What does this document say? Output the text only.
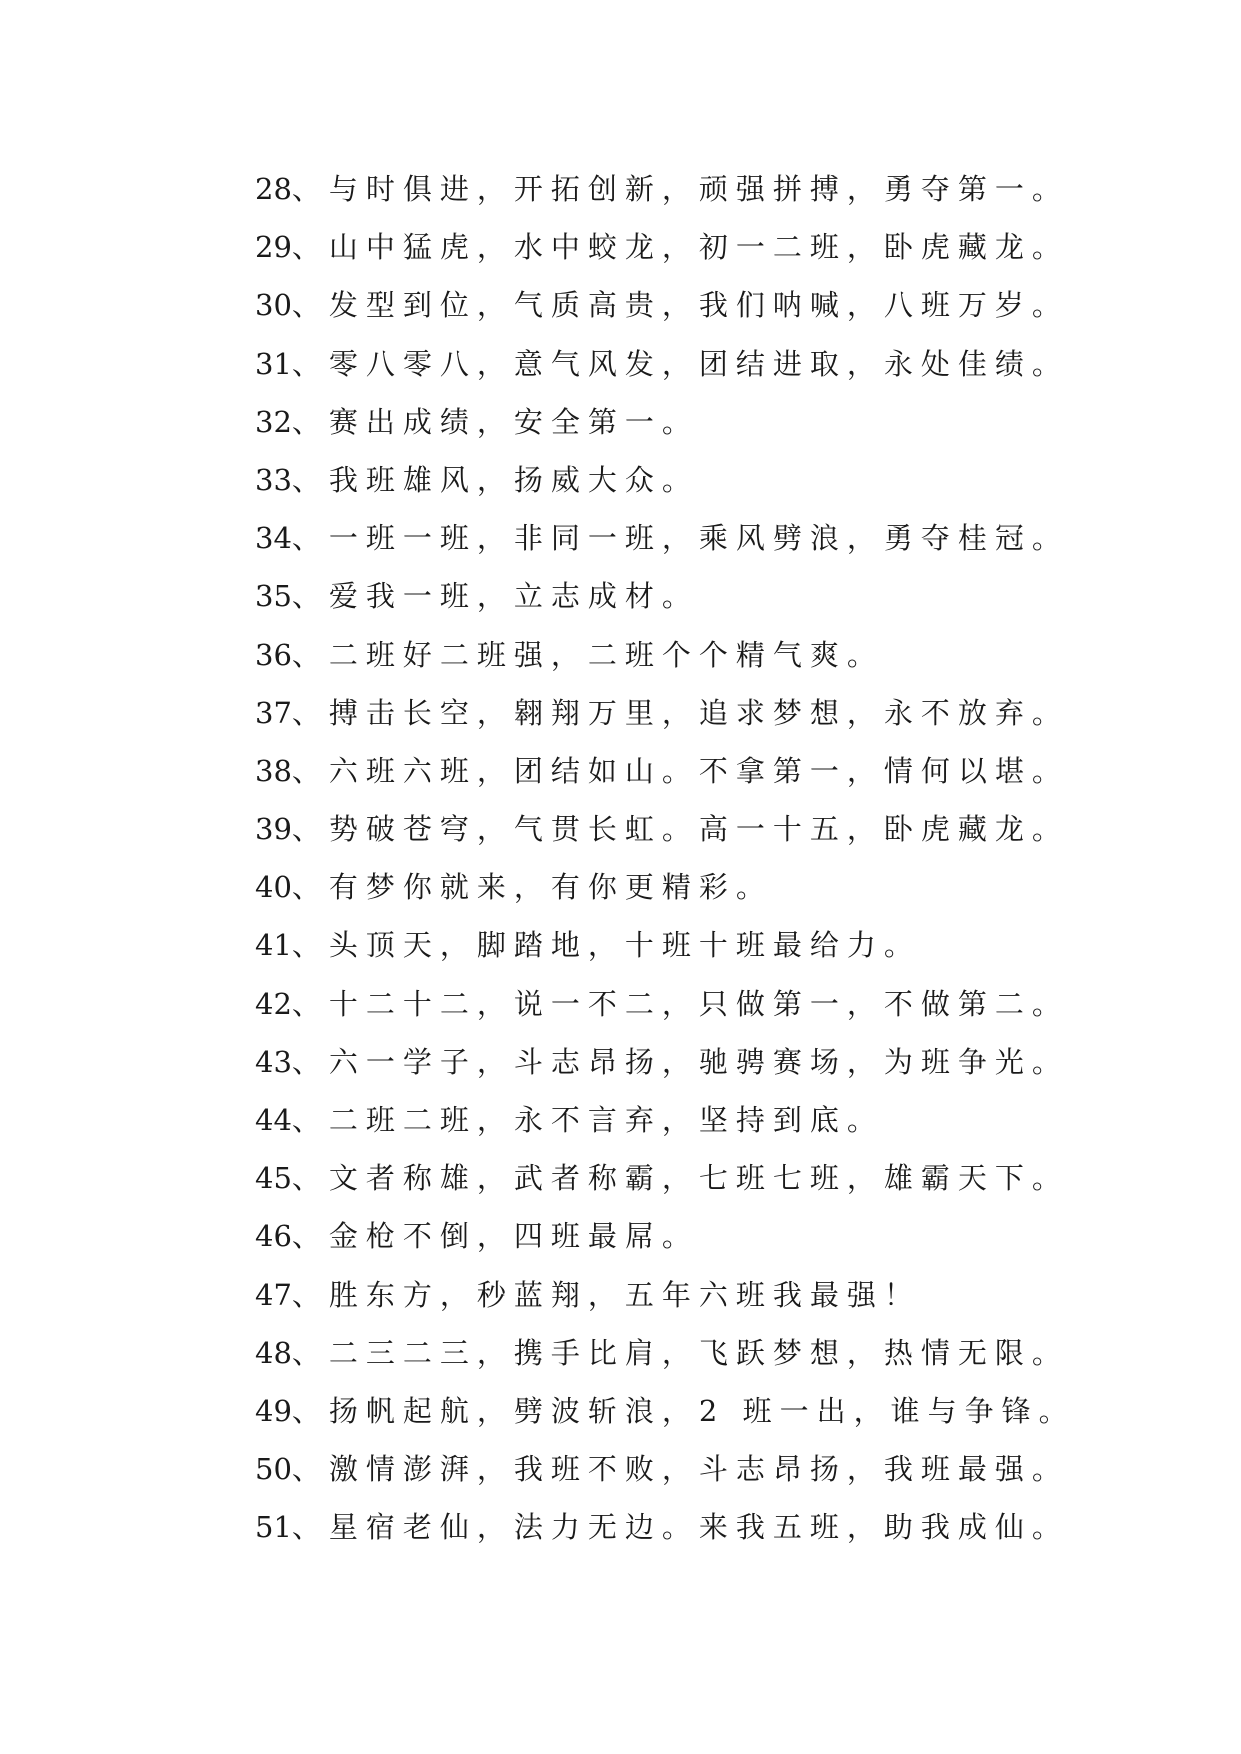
28、与时俱进，开拓创新，顽强拼搏，勇夺第一。
29、山中猛虎，水中蛟龙，初一二班，卧虎藏龙。
30、发型到位，气质高贵，我们呐喊，八班万岁。
31、零八零八，意气风发，团结进取，永处佳绩。
32、赛出成绩，安全第一。
33、我班雄风，扬威大众。
34、一班一班，非同一班，乘风劈浪，勇夺桂冠。
35、爱我一班，立志成材。
36、二班好二班强，二班个个精气爽。
37、搏击长空，翱翔万里，追求梦想，永不放弃。
38、六班六班，团结如山。不拿第一，情何以堪。
39、势破苍穹，气贯长虹。高一十五，卧虎藏龙。
40、有梦你就来，有你更精彩。
41、头顶天，脚踏地，十班十班最给力。
42、十二十二，说一不二，只做第一，不做第二。
43、六一学子，斗志昂扬，驰骋赛场，为班争光。
44、二班二班，永不言弃，坚持到底。
45、文者称雄，武者称霸，七班七班，雄霸天下。
46、金枪不倒，四班最屌。
47、胜东方，秒蓝翔，五年六班我最强！
48、二三二三，携手比肩，飞跃梦想，热情无限。
49、扬帆起航，劈波斩浪，2 班一出，谁与争锋。
50、激情澎湃，我班不败，斗志昂扬，我班最强。
51、星宿老仙，法力无边。来我五班，助我成仙。
